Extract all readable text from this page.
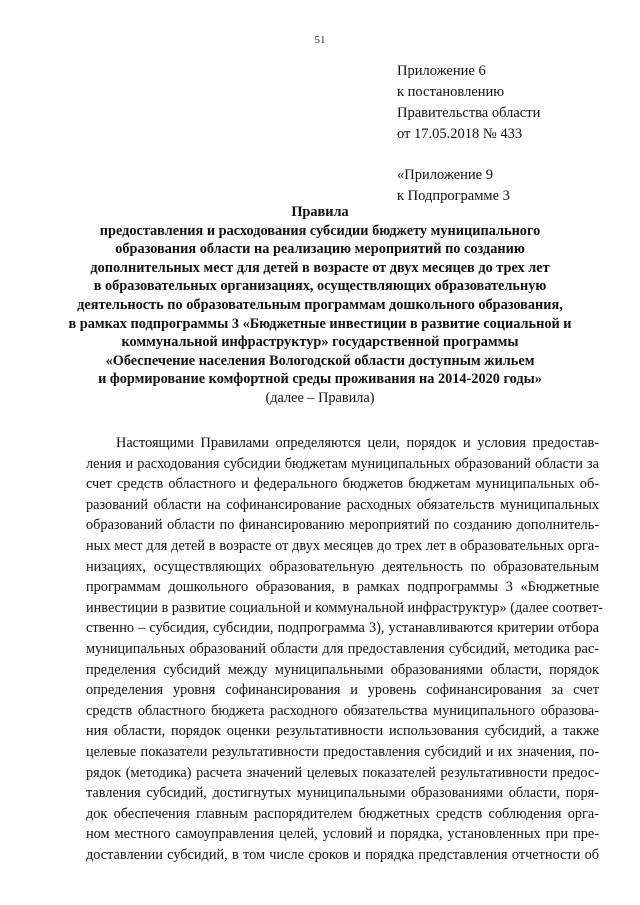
51
Приложение 6
к постановлению
Правительства области
от 17.05.2018 № 433
«Приложение 9
к Подпрограмме 3
Правила
предоставления и расходования субсидии бюджету муниципального
образования области на реализацию мероприятий по созданию
дополнительных мест для детей в возрасте от двух месяцев до трех лет
в образовательных организациях, осуществляющих образовательную
деятельность по образовательным программам дошкольного образования,
в рамках подпрограммы 3 «Бюджетные инвестиции в развитие социальной и
коммунальной инфраструктур» государственной программы
«Обеспечение населения Вологодской области доступным жильем
и формирование комфортной среды проживания на 2014-2020 годы»
(далее – Правила)
Настоящими Правилами определяются цели, порядок и условия предостав-
ления и расходования субсидии бюджетам муниципальных образований области за
счет средств областного и федерального бюджетов бюджетам муниципальных об-
разований области на софинансирование расходных обязательств муниципальных
образований области по финансированию мероприятий по созданию дополнитель-
ных мест для детей в возрасте от двух месяцев до трех лет в образовательных орга-
низациях, осуществляющих образовательную деятельность по образовательным
программам дошкольного образования, в рамках подпрограммы 3 «Бюджетные
инвестиции в развитие социальной и коммунальной инфраструктур» (далее соответ-
ственно – субсидия, субсидии, подпрограмма 3), устанавливаются критерии отбора
муниципальных образований области для предоставления субсидий, методика рас-
пределения субсидий между муниципальными образованиями области, порядок
определения уровня софинансирования и уровень софинансирования за счет
средств областного бюджета расходного обязательства муниципального образова-
ния области, порядок оценки результативности использования субсидий, а также
целевые показатели результативности предоставления субсидий и их значения, по-
рядок (методика) расчета значений целевых показателей результативности предос-
тавления субсидий, достигнутых муниципальными образованиями области, поря-
док обеспечения главным распорядителем бюджетных средств соблюдения орга-
ном местного самоуправления целей, условий и порядка, установленных при пре-
доставлении субсидий, в том числе сроков и порядка представления отчетности об
